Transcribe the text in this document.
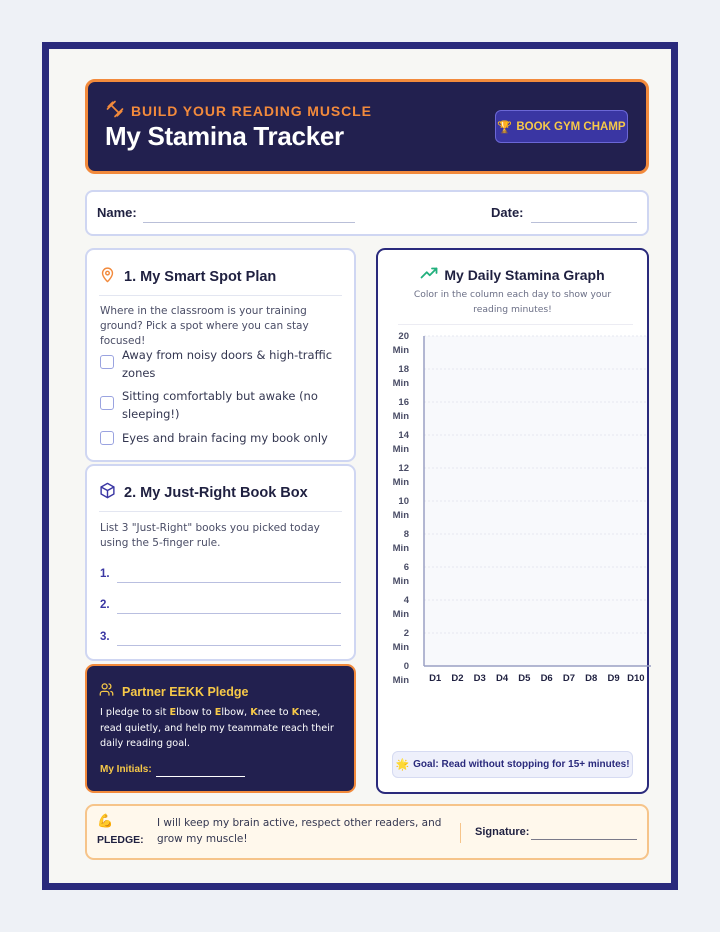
BUILD YOUR READING MUSCLE
My Stamina Tracker	🏆 BOOK GYM CHAMP
Name:	Date:
1. My Smart Spot Plan
Where in the classroom is your training ground? Pick a spot where you can stay focused!
Away from noisy doors & high-traffic zones
Sitting comfortably but awake (no sleeping!)
Eyes and brain facing my book only
2. My Just-Right Book Box
List 3 "Just-Right" books you picked today using the 5-finger rule.
1.
2.
3.
Partner EEKK Pledge
I pledge to sit Elbow to Elbow, Knee to Knee, read quietly, and help my teammate reach their daily reading goal.
My Initials:
My Daily Stamina Graph
Color in the column each day to show your reading minutes!
20
Min
18
Min
16
Min
14
Min
12
Min
10
Min
8
Min
6
Min
4
Min
2
Min
0
Min D1 D2 D3 D4 D5 D6 D7 D8 D9 D10
🌟 Goal: Read without stopping for 15+ minutes!
💪
PLEDGE:
I will keep my brain active, respect other readers, and grow my muscle!
Signature:
